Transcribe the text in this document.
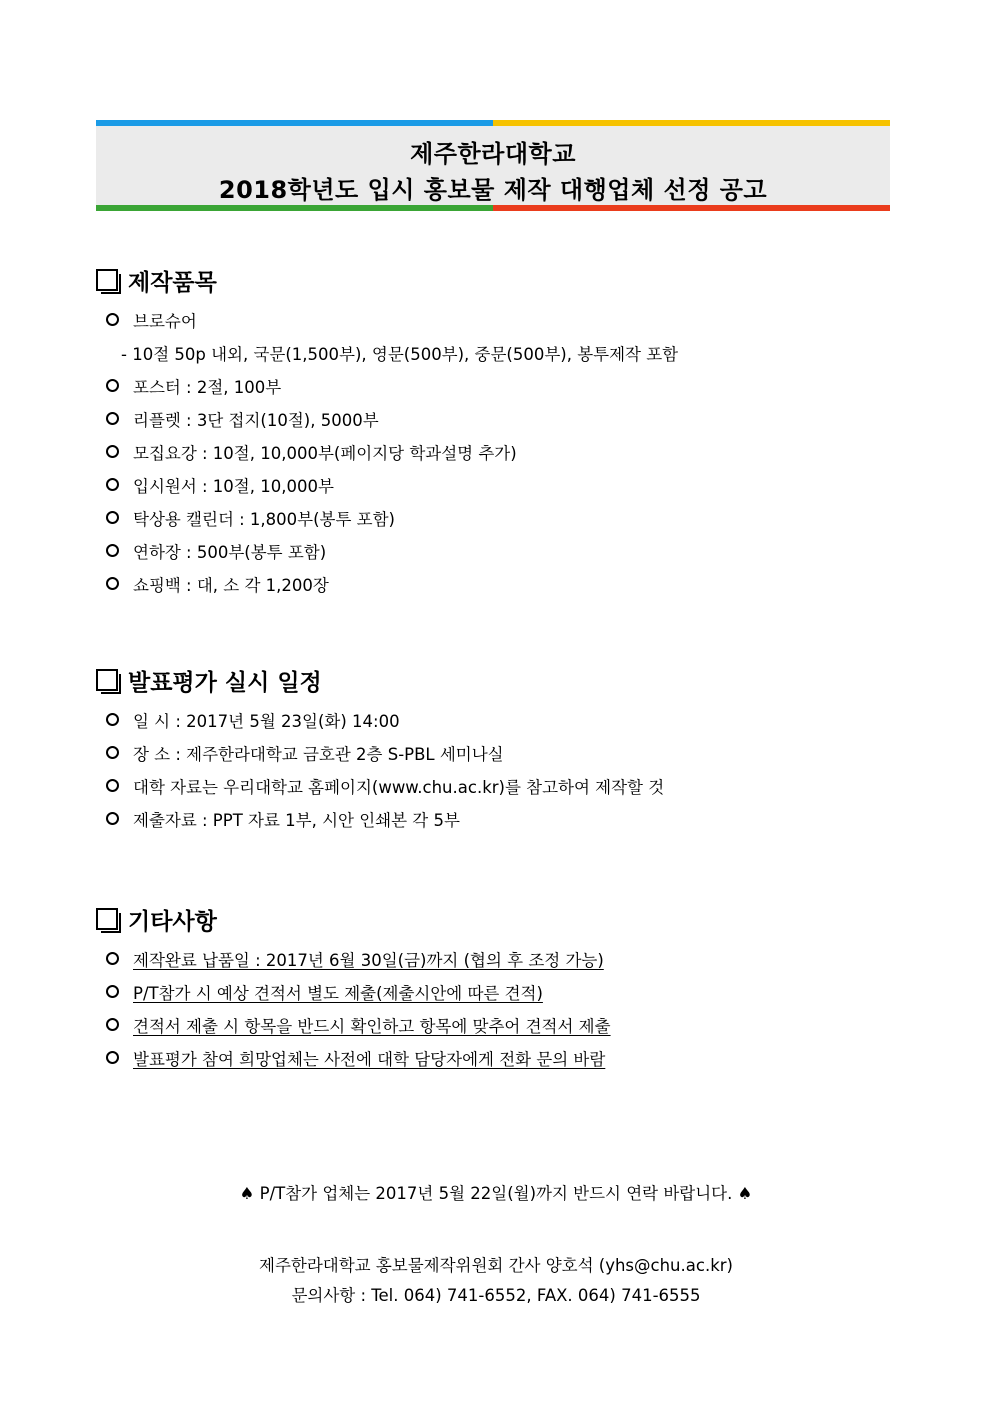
제주한라대학교
2018학년도 입시 홍보물 제작 대행업체 선정 공고
제작품목
브로슈어
- 10절 50p 내외, 국문(1,500부), 영문(500부), 중문(500부), 봉투제작 포함
포스터 : 2절, 100부
리플렛 : 3단 접지(10절), 5000부
모집요강 : 10절, 10,000부(페이지당 학과설명 추가)
입시원서 : 10절, 10,000부
탁상용 캘린더 : 1,800부(봉투 포함)
연하장 : 500부(봉투 포함)
쇼핑백 : 대, 소 각 1,200장
발표평가 실시 일정
일 시 : 2017년 5월 23일(화) 14:00
장 소 : 제주한라대학교 금호관 2층 S-PBL 세미나실
대학 자료는 우리대학교 홈페이지(www.chu.ac.kr)를 참고하여 제작할 것
제출자료 : PPT 자료 1부, 시안 인쇄본 각 5부
기타사항
제작완료 납품일 : 2017년 6월 30일(금)까지 (협의 후 조정 가능)
P/T참가 시 예상 견적서 별도 제출(제출시안에 따른 견적)
견적서 제출 시 항목을 반드시 확인하고 항목에 맞추어 견적서 제출
발표평가 참여 희망업체는 사전에 대학 담당자에게 전화 문의 바람
♠ P/T참가 업체는 2017년 5월 22일(월)까지 반드시 연락 바랍니다. ♠
제주한라대학교 홍보물제작위원회 간사 양호석 (yhs@chu.ac.kr)
문의사항 : Tel. 064) 741-6552, FAX. 064) 741-6555
